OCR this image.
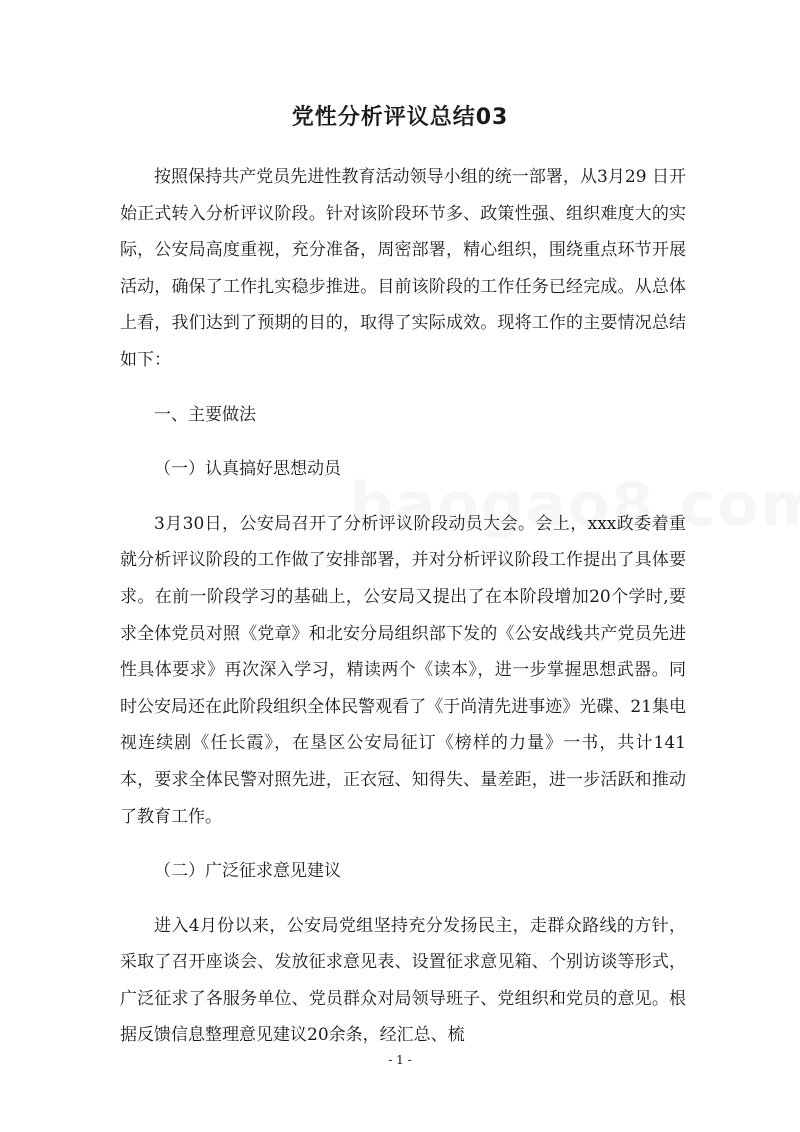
党性分析评议总结03

按照保持共产党员先进性教育活动领导小组的统一部署，从3月29 日开始正式转入分析评议阶段。针对该阶段环节多、政策性强、组织难度大的实际，公安局高度重视，充分准备，周密部署，精心组织，围绕重点环节开展活动，确保了工作扎实稳步推进。目前该阶段的工作任务已经完成。从总体上看，我们达到了预期的目的，取得了实际成效。现将工作的主要情况总结如下：

一、主要做法

（一）认真搞好思想动员

3月30日，公安局召开了分析评议阶段动员大会。会上，xxx政委着重就分析评议阶段的工作做了安排部署，并对分析评议阶段工作提出了具体要求。在前一阶段学习的基础上，公安局又提出了在本阶段增加20个学时,要求全体党员对照《党章》和北安分局组织部下发的《公安战线共产党员先进性具体要求》再次深入学习，精读两个《读本》，进一步掌握思想武器。同时公安局还在此阶段组织全体民警观看了《于尚清先进事迹》光碟、21集电视连续剧《任长霞》，在垦区公安局征订《榜样的力量》一书，共计141本，要求全体民警对照先进，正衣冠、知得失、量差距，进一步活跃和推动了教育工作。

（二）广泛征求意见建议

进入4月份以来，公安局党组坚持充分发扬民主，走群众路线的方针，采取了召开座谈会、发放征求意见表、设置征求意见箱、个别访谈等形式，广泛征求了各服务单位、党员群众对局领导班子、党组织和党员的意见。根据反馈信息整理意见建议20余条，经汇总、梳

- 1 -
